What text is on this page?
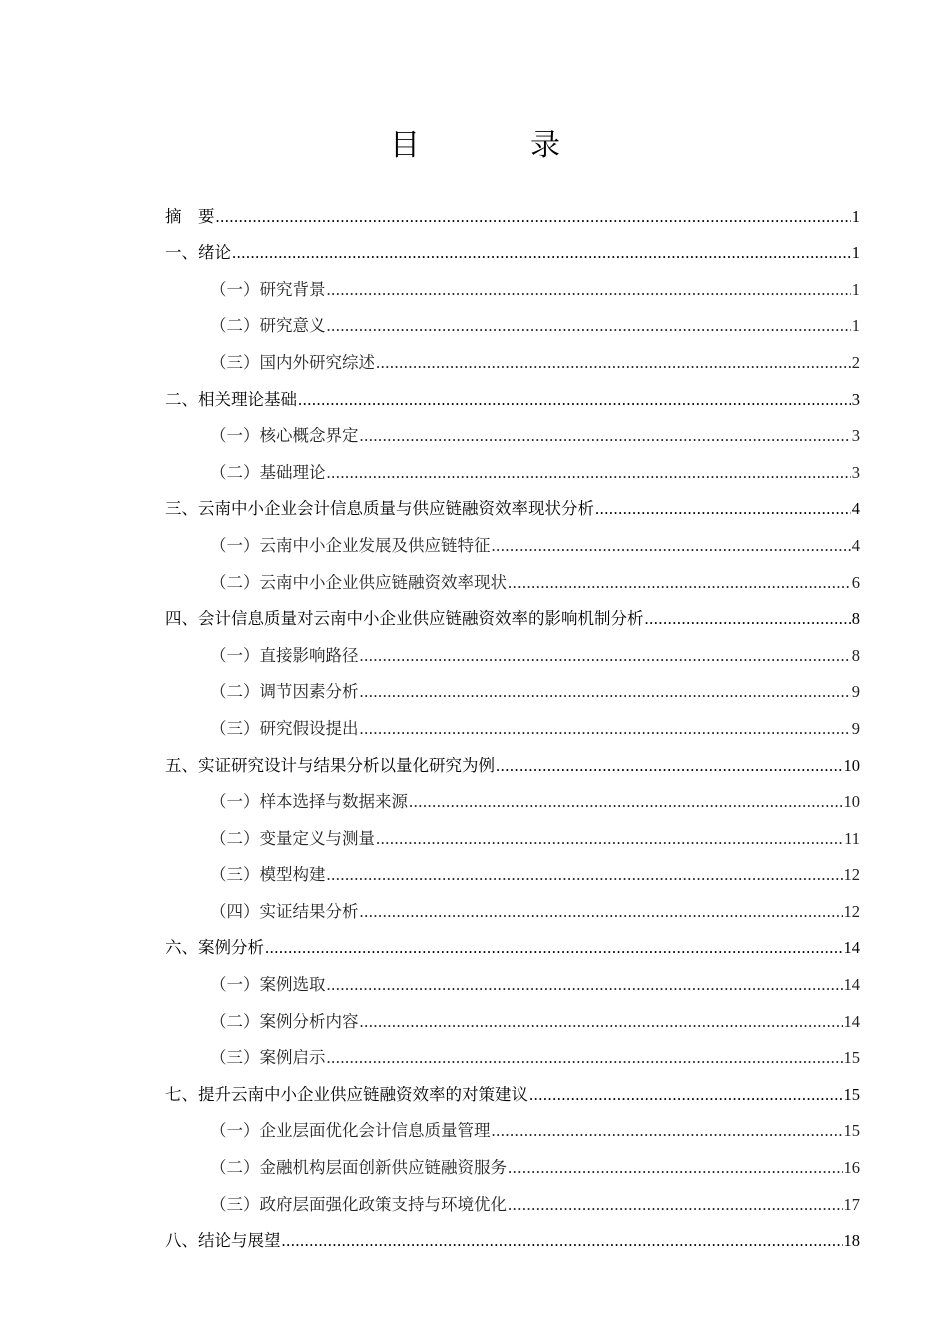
目　录
摘　要 .....	1
一、绪论 .....	1
（一）研究背景 .....	1
（二）研究意义 .....	1
（三）国内外研究综述 .....	2
二、相关理论基础 .....	3
（一）核心概念界定 .....	3
（二）基础理论 .....	3
三、云南中小企业会计信息质量与供应链融资效率现状分析 .....	4
（一）云南中小企业发展及供应链特征 .....	4
（二）云南中小企业供应链融资效率现状 .....	6
四、会计信息质量对云南中小企业供应链融资效率的影响机制分析 .....	8
（一）直接影响路径 .....	8
（二）调节因素分析 .....	9
（三）研究假设提出 .....	9
五、实证研究设计与结果分析以量化研究为例 .....	10
（一）样本选择与数据来源 .....	10
（二）变量定义与测量 .....	11
（三）模型构建 .....	12
（四）实证结果分析 .....	12
六、案例分析 .....	14
（一）案例选取 .....	14
（二）案例分析内容 .....	14
（三）案例启示 .....	15
七、提升云南中小企业供应链融资效率的对策建议 .....	15
（一）企业层面优化会计信息质量管理 .....	15
（二）金融机构层面创新供应链融资服务 .....	16
（三）政府层面强化政策支持与环境优化 .....	17
八、结论与展望 .....	18
